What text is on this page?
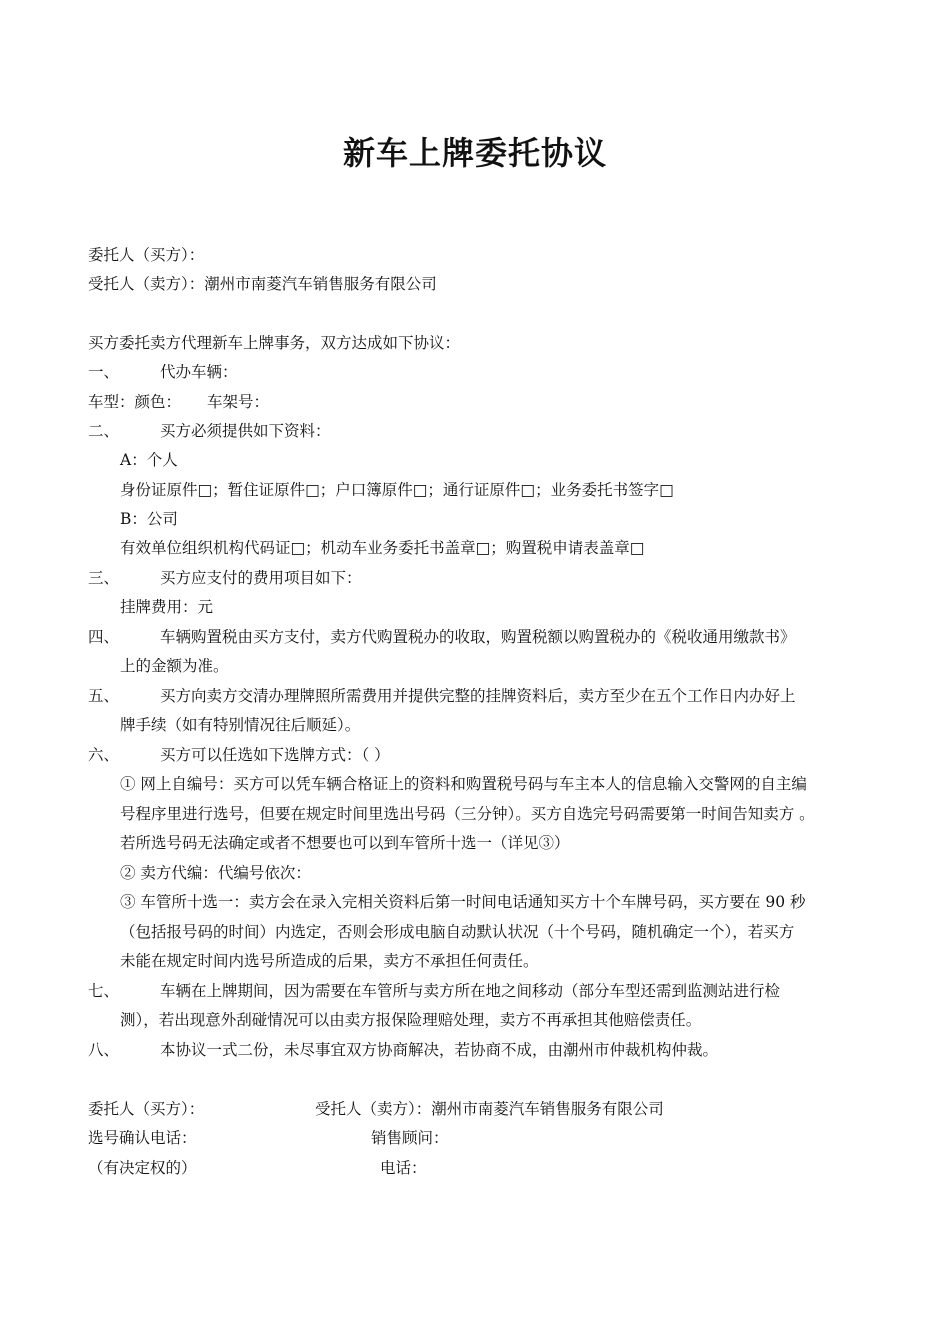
新车上牌委托协议
委托人（买方）：
受托人（卖方）：潮州市南菱汽车销售服务有限公司
买方委托卖方代理新车上牌事务，双方达成如下协议：
一、	代办车辆：
车型：颜色： 车架号：
二、	买方必须提供如下资料：
A：个人
身份证原件□；暂住证原件□；户口簿原件□；通行证原件□；业务委托书签字□
B：公司
有效单位组织机构代码证□；机动车业务委托书盖章□；购置税申请表盖章□
三、	买方应支付的费用项目如下：
挂牌费用：元
四、	车辆购置税由买方支付，卖方代购置税办的收取，购置税额以购置税办的《税收通用缴款书》
上的金额为准。
五、	买方向卖方交清办理牌照所需费用并提供完整的挂牌资料后，卖方至少在五个工作日内办好上
牌手续（如有特别情况往后顺延）。
六、	买方可以任选如下选牌方式：（ ）
① 网上自编号：买方可以凭车辆合格证上的资料和购置税号码与车主本人的信息输入交警网的自主编
号程序里进行选号，但要在规定时间里选出号码（三分钟）。买方自选完号码需要第一时间告知卖方 。
若所选号码无法确定或者不想要也可以到车管所十选一（详见③）
② 卖方代编：代编号依次：
③ 车管所十选一：卖方会在录入完相关资料后第一时间电话通知买方十个车牌号码，买方要在 90 秒
（包括报号码的时间）内选定，否则会形成电脑自动默认状况（十个号码，随机确定一个），若买方
未能在规定时间内选号所造成的后果，卖方不承担任何责任。
七、	车辆在上牌期间，因为需要在车管所与卖方所在地之间移动（部分车型还需到监测站进行检
测），若出现意外刮碰情况可以由卖方报保险理赔处理，卖方不再承担其他赔偿责任。
八、	本协议一式二份，未尽事宜双方协商解决，若协商不成，由潮州市仲裁机构仲裁。
委托人（买方）：	受托人（卖方）：潮州市南菱汽车销售服务有限公司
选号确认电话：	销售顾问：
（有决定权的）	电话：
